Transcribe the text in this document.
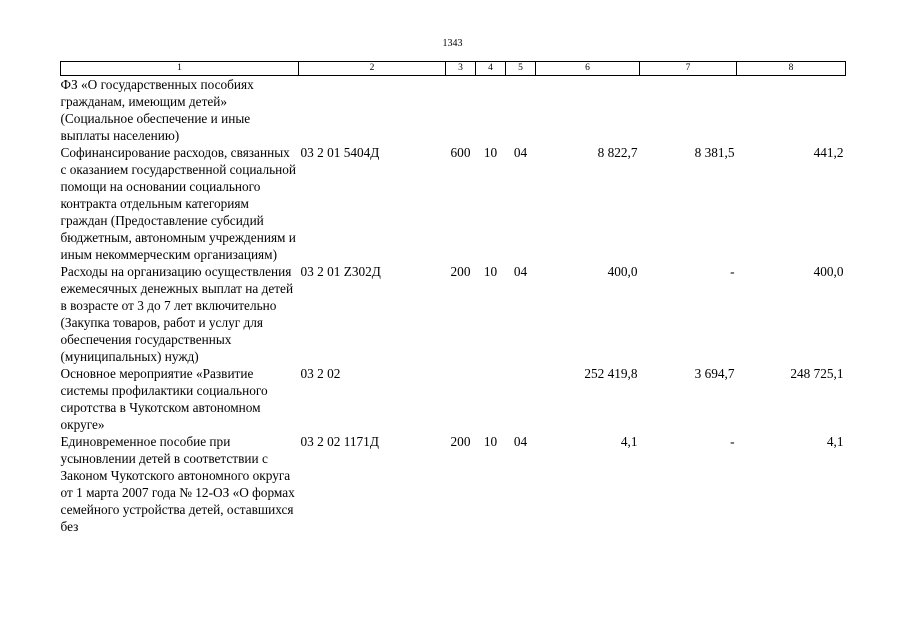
1343
1	2	3	4	5	6	7	8
ФЗ «О государственных пособиях гражданам, имеющим детей» (Социальное обеспечение и иные выплаты населению)							
Софинансирование расходов, связанных с оказанием государственной социальной помощи на основании социального контракта отдельным категориям граждан (Предоставление субсидий бюджетным, автономным учреждениям и иным некоммерческим организациям)	03 2 01 5404Д	600	10	04	8 822,7	8 381,5	441,2
Расходы на организацию осуществления ежемесячных денежных выплат на детей в возрасте от 3 до 7 лет включительно (Закупка товаров, работ и услуг для обеспечения государственных (муниципальных) нужд)	03 2 01 Z302Д	200	10	04	400,0	-	400,0
Основное мероприятие «Развитие системы профилактики социального сиротства в Чукотском автономном округе»	03 2 02				252 419,8	3 694,7	248 725,1
Единовременное пособие при усыновлении детей в соответствии с Законом Чукотского автономного округа от 1 марта 2007 года № 12-ОЗ «О формах семейного устройства детей, оставшихся без	03 2 02 1171Д	200	10	04	4,1	-	4,1
